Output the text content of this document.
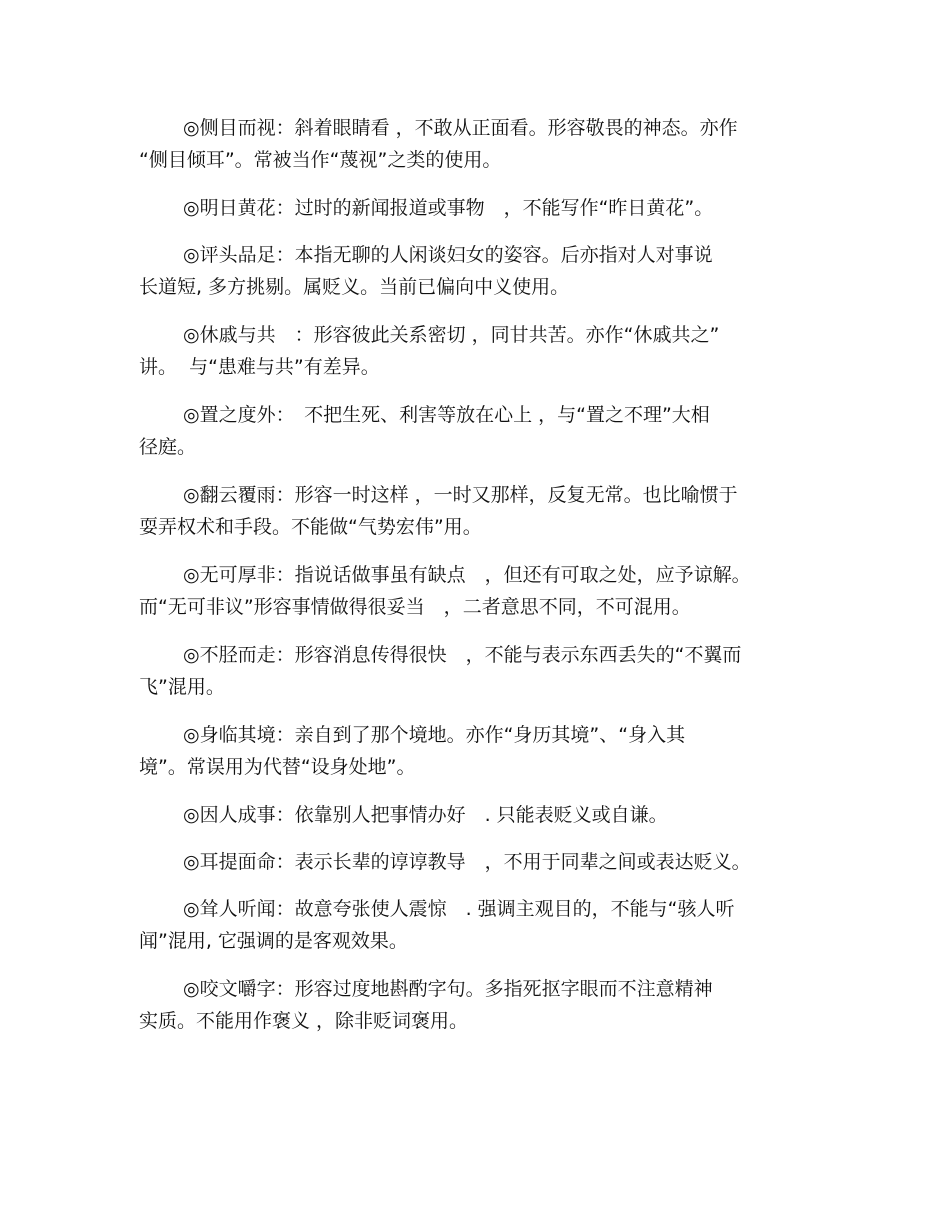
◎侧目而视：斜着眼睛看 ，不敢从正面看。形容敬畏的神态。亦作
“侧目倾耳”。常被当作“蔑视”之类的使用。

◎明日黄花：过时的新闻报道或事物　，不能写作“昨日黄花”。

◎评头品足：本指无聊的人闲谈妇女的姿容。后亦指对人对事说
长道短, 多方挑剔。属贬义。当前已偏向中义使用。

◎休戚与共　：形容彼此关系密切 ，同甘共苦。亦作“休戚共之”
讲。  与“患难与共”有差异。

◎置之度外：　不把生死、利害等放在心上 ，与“置之不理”大相
径庭。

◎翻云覆雨：形容一时这样 ，一时又那样，反复无常。也比喻惯于
耍弄权术和手段。不能做“气势宏伟”用。

◎无可厚非：指说话做事虽有缺点　，但还有可取之处，应予谅解。
而“无可非议”形容事情做得很妥当　，二者意思不同，不可混用。

◎不胫而走：形容消息传得很快　，不能与表示东西丢失的“不翼而
飞”混用。

◎身临其境：亲自到了那个境地。亦作“身历其境”、“身入其
境”。常误用为代替“设身处地”。

◎因人成事：依靠别人把事情办好　. 只能表贬义或自谦。

◎耳提面命：表示长辈的谆谆教导　，不用于同辈之间或表达贬义。

◎耸人听闻：故意夸张使人震惊　. 强调主观目的，不能与“骇人听
闻”混用, 它强调的是客观效果。

◎咬文嚼字：形容过度地斟酌字句。多指死抠字眼而不注意精神
实质。不能用作褒义 ，除非贬词褒用。
